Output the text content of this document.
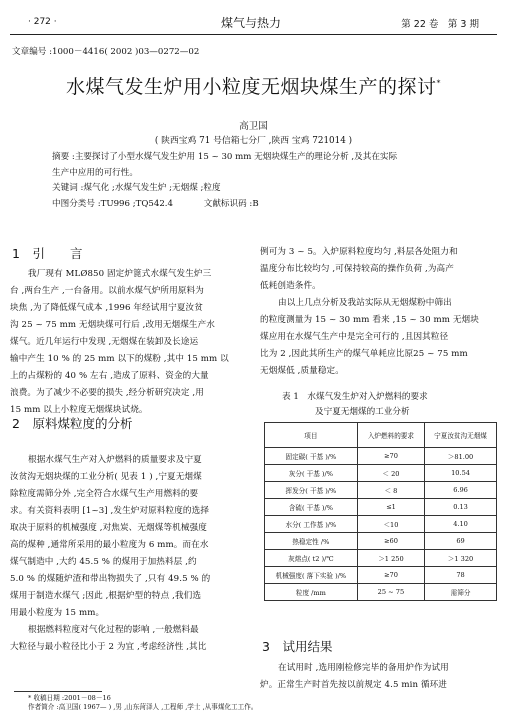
· 272 ·	煤气与热力	第 22 卷　第 3 期
文章编号 :1000－4416( 2002 )03—0272—02
水煤气发生炉用小粒度无烟块煤生产的探讨*
高卫国
( 陕西宝鸡 71 号信箱七分厂 ,陕西 宝鸡 721014 )
摘要 :主要探讨了小型水煤气发生炉用 15 ~ 30 mm 无烟块煤生产的理论分析 ,及其在实际
生产中应用的可行性。
关键词 :煤气化 ;水煤气发生炉 ;无烟煤 ;粒度
中图分类号 :TU996 ;TQ542.4	文献标识码 :B
1　引　　言
我厂现有 MLØ850 固定炉篦式水煤气发生炉三
台 ,两台生产 ,一台备用。以前水煤气炉所用原料为
块焦 ,为了降低煤气成本 ,1996 年经试用宁夏汝贫
沟 25 ~ 75 mm 无烟块煤可行后 ,改用无烟煤生产水
煤气。近几年运行中发现 ,无烟煤在装卸及长途运
输中产生 10 % 的 25 mm 以下的煤粉 ,其中 15 mm 以
上的占煤粉的 40 % 左右 ,造成了原料、资金的大量
浪费。为了减少不必要的损失 ,经分析研究决定 ,用
15 mm 以上小粒度无烟煤块试烧。
2　原料煤粒度的分析
根据水煤气生产对入炉燃料的质量要求及宁夏
汝贫沟无烟块煤的工业分析( 见表 1 ) ,宁夏无烟煤
除粒度需筛分外 ,完全符合水煤气生产用燃料的要
求。有关资料表明 [1~3] ,发生炉对原料粒度的选择
取决于原料的机械强度 ,对焦炭、无烟煤等机械强度
高的煤种 ,通常所采用的最小粒度为 6 mm。而在水
煤气制造中 ,大约 45.5 % 的煤用于加热料层 ,约
5.0 % 的煤随炉渣和带出物损失了 ,只有 49.5 % 的
煤用于制造水煤气 ;因此 ,根据炉型的特点 ,我们选
用最小粒度为 15 mm。
根据燃料粒度对气化过程的影响 ,一般燃料最
大粒径与最小粒径比小于 2 为宜 ,考虑经济性 ,其比
例可为 3 ~ 5。入炉原料粒度均匀 ,料层各处阻力和
温度分布比较均匀 ,可保持较高的操作负荷 ,为高产
低耗创造条件。
由以上几点分析及我站实际从无烟煤粉中筛出
的粒度测量为 15 ~ 30 mm 看来 ,15 ~ 30 mm 无烟块
煤应用在水煤气生产中是完全可行的 ,且因其粒径
比为 2 ,因此其所生产的煤气单耗应比原25 ~ 75 mm
无烟煤低 ,质量稳定。
表 1　水煤气发生炉对入炉燃料的要求
及宁夏无烟煤的工业分析
项目	入炉燃料的要求	宁夏汝贫沟无烟煤
固定碳( 干基 )/%	≥70	＞81.00
灰分( 干基 )/%	＜ 20	10.54
挥发分( 干基 )/%	＜ 8	6.96
含硫( 干基 )/%	≤1	0.13
水分( 工作基 )/%	＜10	4.10
热稳定性 /%	≥60	69
灰熔点( t2 )/℃	＞1 250	＞1 320
机械强度( 落下实验 )/%	≥70	78
粒度 /mm	25 ~ 75	需筛分
3　试用结果
在试用时 ,选用刚检修完毕的备用炉作为试用
炉。正常生产时首先按以前规定 4.5 min 循环进
* 收稿日期 :2001－08－16
作者简介 :高卫国( 1967— ) ,男 ,山东菏泽人 ,工程师 ,学士 ,从事煤化工工作。
